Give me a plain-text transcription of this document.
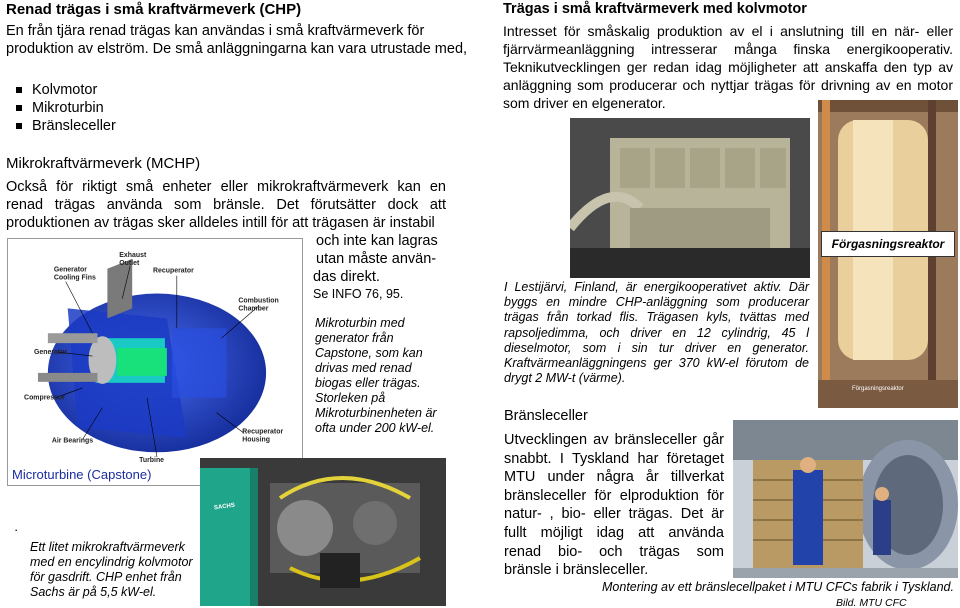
Renad trägas i små kraftvärmeverk (CHP)
En från tjära renad trägas kan användas i små kraftvärmeverk för produktion av elström. De små anläggningarna kan vara utrustade med,
Kolvmotor
Mikroturbin
Bränsleceller
Mikrokraftvärmeverk (MCHP)
Också för riktigt små enheter eller mikrokraftvärmeverk kan en renad trägas använda som bränsle. Det förutsätter dock att produktionen av trägas sker alldeles intill för att trägasen är instabil
och inte kan lagras
utan måste använ-
das direkt.
Se INFO 76, 95.
Generator Cooling Fins
Exhaust Outlet
Recuperator
Combustion Chamber
Generator
Compressor
Air Bearings
Turbine
Recuperator Housing
Microturbine (Capstone)
Mikroturbin med generator från Capstone, som kan drivas med renad biogas eller trägas. Storleken på Mikroturbinenheten är ofta under 200 kW-el.
·
Ett litet mikrokraftvärmeverk med en encylindrig kolvmotor för gasdrift. CHP enhet från Sachs är på 5,5 kW-el.
SACHS
Trägas i små kraftvärmeverk med kolvmotor
Intresset för småskalig produktion av el i anslutning till en när- eller fjärrvärmeanläggning intresserar många finska energikooperativ. Teknikutvecklingen ger redan idag möjligheter att anskaffa den typ av anläggning som producerar och nyttjar trägas för drivning av en motor som driver en elgenerator.
Förgasningsreaktor
Förgasningsreaktor
I Lestijärvi, Finland, är energikooperativet aktiv. Där byggs en mindre CHP-anläggning som producerar trägas från torkad flis. Trägasen kyls, tvättas med rapsoljedimma, och driver en 12 cylindrig, 45 l dieselmotor, som i sin tur driver en generator. Kraftvärmeanläggningens ger 370 kW-el förutom de drygt 2 MW-t (värme).
Bränsleceller
Utvecklingen av bränsleceller går snabbt. I Tyskland har företaget MTU under några år tillverkat bränsleceller för elproduktion för natur- , bio- eller trägas. Det är fullt möjligt idag att använda renad bio- och trägas som bränsle i bränsleceller.
Montering av ett bränslecellpaket i MTU CFCs fabrik i Tyskland.
Bild. MTU CFC
